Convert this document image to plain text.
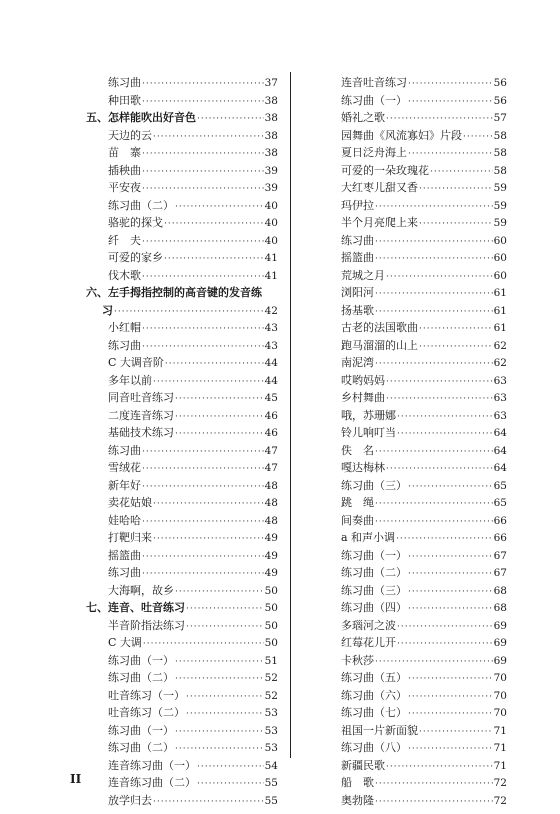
练习曲 ·····	37
种田歌 ·····	38
五、怎样能吹出好音色 ·····	38
天边的云 ·····	38
苗　寨 ·····	38
插秧曲 ·····	39
平安夜 ·····	39
练习曲（二） ·····	40
骆驼的探戈 ·····	40
纤　夫 ·····	40
可爱的家乡 ·····	41
伐木歌 ·····	41
六、左手拇指控制的高音键的发音练
习 ·····	42
小红帽 ·····	43
练习曲 ·····	43
C 大调音阶 ·····	44
多年以前 ·····	44
同音吐音练习 ·····	45
二度连音练习 ·····	46
基础技术练习 ·····	46
练习曲 ·····	47
雪绒花 ·····	47
新年好 ·····	48
卖花姑娘 ·····	48
娃哈哈 ·····	48
打靶归来 ·····	49
摇篮曲 ·····	49
练习曲 ·····	49
大海啊，故乡 ·····	50
七、连音、吐音练习 ·····	50
半音阶指法练习 ·····	50
C 大调 ·····	50
练习曲（一） ·····	51
练习曲（二） ·····	52
吐音练习（一） ·····	52
吐音练习（二） ·····	53
练习曲（一） ·····	53
练习曲（二） ·····	53
连音练习曲（一） ·····	54
连音练习曲（二） ·····	55
放学归去 ·····	55
连音吐音练习 ·····	56
练习曲（一） ·····	56
婚礼之歌 ·····	57
园舞曲《风流寡妇》片段 ·····	58
夏日泛舟海上 ·····	58
可爱的一朵玫瑰花 ·····	58
大红枣儿甜又香 ·····	59
玛伊拉 ·····	59
半个月亮爬上来 ·····	59
练习曲 ·····	60
摇篮曲 ·····	60
荒城之月 ·····	60
浏阳河 ·····	61
扬基歌 ·····	61
古老的法国歌曲 ·····	61
跑马溜溜的山上 ·····	62
南泥湾 ·····	62
哎哟妈妈 ·····	63
乡村舞曲 ·····	63
哦，苏珊娜 ·····	63
铃儿响叮当 ·····	64
佚　名 ·····	64
嘎达梅林 ·····	64
练习曲（三） ·····	65
跳　绳 ·····	65
间奏曲 ·····	66
a 和声小调 ·····	66
练习曲（一） ·····	67
练习曲（二） ·····	67
练习曲（三） ·····	68
练习曲（四） ·····	68
多瑙河之波 ·····	69
红莓花儿开 ·····	69
卡秋莎 ·····	69
练习曲（五） ·····	70
练习曲（六） ·····	70
练习曲（七） ·····	70
祖国一片新面貌 ·····	71
练习曲（八） ·····	71
新疆民歌 ·····	71
船　歌 ·····	72
奥勃隆 ·····	72
II
